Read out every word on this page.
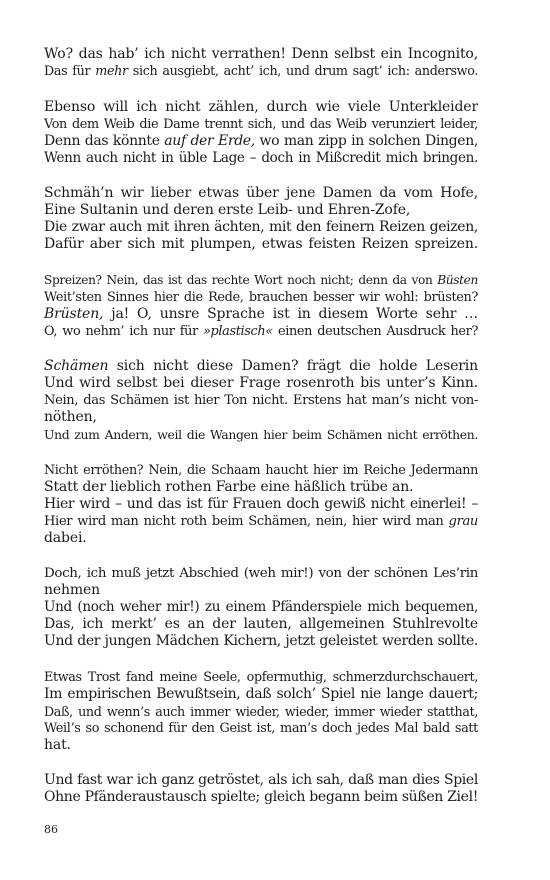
Wo? das hab’ ich nicht verrathen! Denn selbst ein Incognito,
Das für mehr sich ausgiebt, acht’ ich, und drum sagt’ ich: anderswo.
Ebenso will ich nicht zählen, durch wie viele Unterkleider
Von dem Weib die Dame trennt sich, und das Weib verunziert leider,
Denn das könnte auf der Erde, wo man zipp in solchen Dingen,
Wenn auch nicht in üble Lage – doch in Mißcredit mich bringen.
Schmäh’n wir lieber etwas über jene Damen da vom Hofe,
Eine Sultanin und deren erste Leib- und Ehren-Zofe,
Die zwar auch mit ihren ächten, mit den feinern Reizen geizen,
Dafür aber sich mit plumpen, etwas feisten Reizen spreizen.
Spreizen? Nein, das ist das rechte Wort noch nicht; denn da von Büsten
Weit’sten Sinnes hier die Rede, brauchen besser wir wohl: brüsten?
Brüsten, ja! O, unsre Sprache ist in diesem Worte sehr …
O, wo nehm’ ich nur für »plastisch« einen deutschen Ausdruck her?
Schämen sich nicht diese Damen? frägt die holde Leserin
Und wird selbst bei dieser Frage rosenroth bis unter’s Kinn.
Nein, das Schämen ist hier Ton nicht. Erstens hat man’s nicht von-
nöthen,
Und zum Andern, weil die Wangen hier beim Schämen nicht erröthen.
Nicht erröthen? Nein, die Schaam haucht hier im Reiche Jedermann
Statt der lieblich rothen Farbe eine häßlich trübe an.
Hier wird – und das ist für Frauen doch gewiß nicht einerlei! –
Hier wird man nicht roth beim Schämen, nein, hier wird man grau
dabei.
Doch, ich muß jetzt Abschied (weh mir!) von der schönen Les’rin
nehmen
Und (noch weher mir!) zu einem Pfänderspiele mich bequemen,
Das, ich merkt’ es an der lauten, allgemeinen Stuhlrevolte
Und der jungen Mädchen Kichern, jetzt geleistet werden sollte.
Etwas Trost fand meine Seele, opfermuthig, schmerzdurchschauert,
Im empirischen Bewußtsein, daß solch’ Spiel nie lange dauert;
Daß, und wenn’s auch immer wieder, wieder, immer wieder statthat,
Weil’s so schonend für den Geist ist, man’s doch jedes Mal bald satt
hat.
Und fast war ich ganz getröstet, als ich sah, daß man dies Spiel
Ohne Pfänderaustausch spielte; gleich begann beim süßen Ziel!
86
